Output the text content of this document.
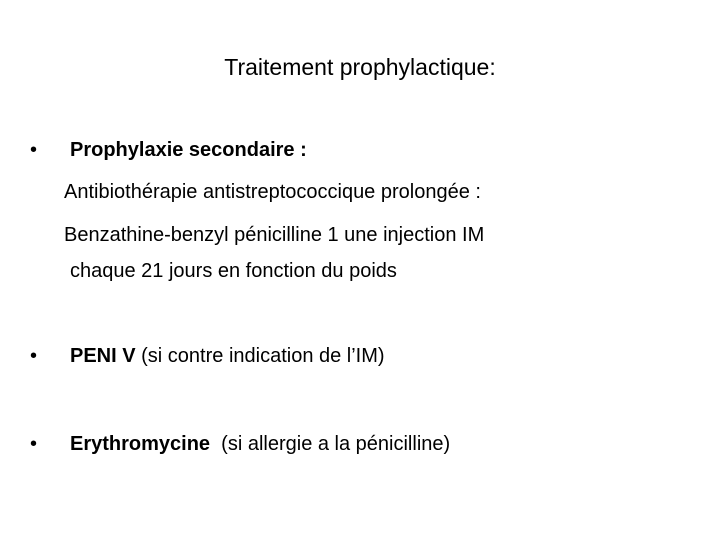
Traitement prophylactique:
•	Prophylaxie secondaire :
Antibiothérapie antistreptococcique prolongée :
Benzathine-benzyl pénicilline 1 une injection IM
chaque 21 jours en fonction du poids
•	PENI V (si contre indication de l’IM)
•	Erythromycine  (si allergie a la pénicilline)
